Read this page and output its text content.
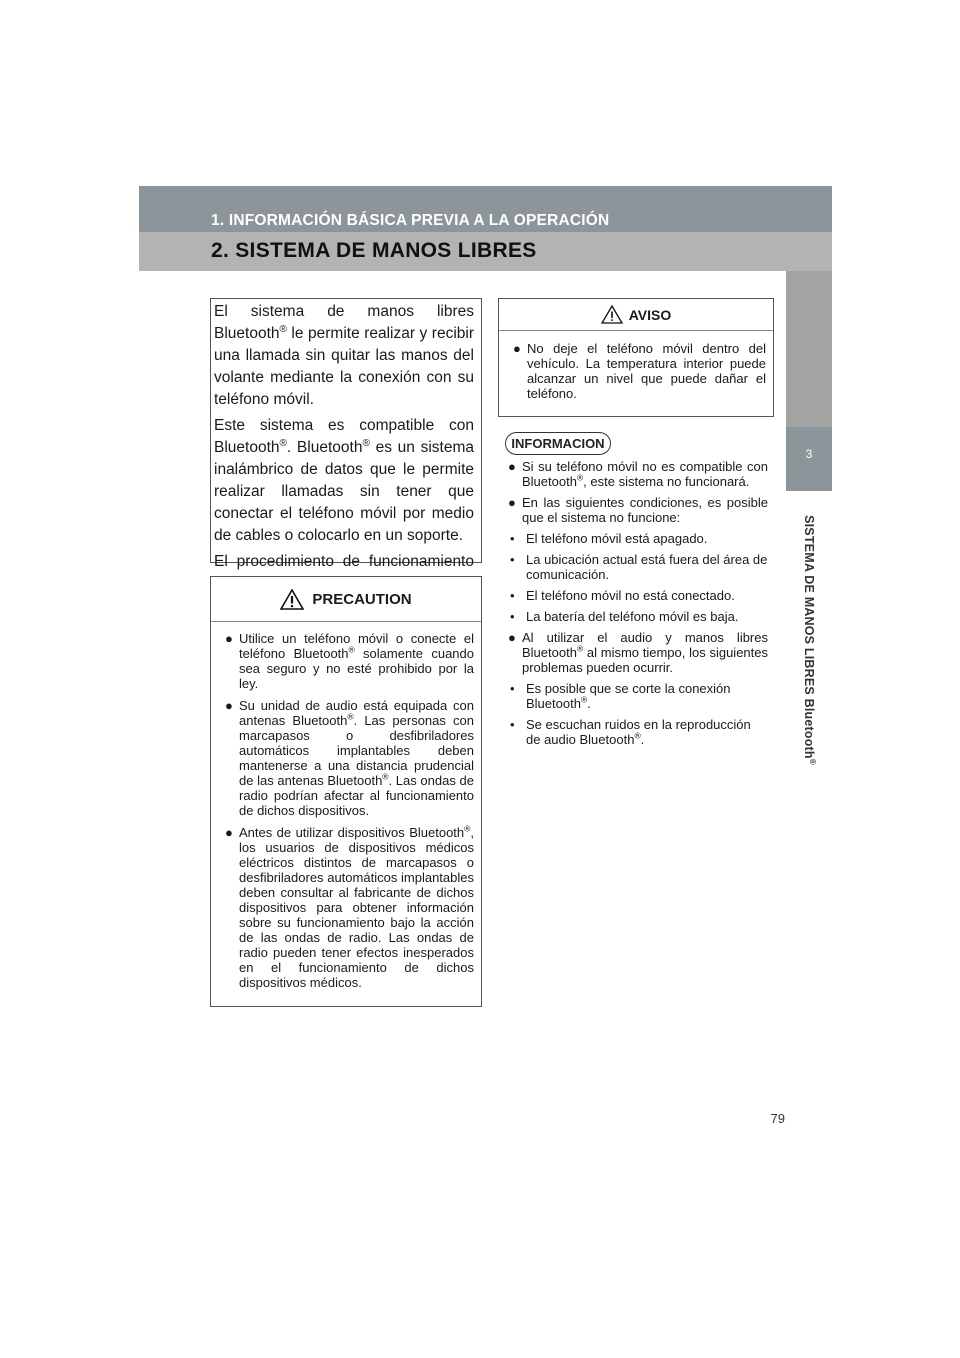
1. INFORMACIÓN BÁSICA PREVIA A LA OPERACIÓN
2. SISTEMA DE MANOS LIBRES
3
SISTEMA DE MANOS LIBRES Bluetooth®
El sistema de manos libres Bluetooth® le permite realizar y recibir una llamada sin quitar las manos del volante mediante la conexión con su teléfono móvil.
Este sistema es compatible con Bluetooth®. Bluetooth® es un sistema inalámbrico de datos que le permite realizar llamadas sin tener que conectar el teléfono móvil por medio de cables o colocarlo en un soporte.
El procedimiento de funcionamiento
PRECAUTION
● Utilice un teléfono móvil o conecte el teléfono Bluetooth® solamente cuando sea seguro y no esté prohibido por la ley.
● Su unidad de audio está equipada con antenas Bluetooth®. Las personas con marcapasos o desfibriladores automáticos implantables deben mantenerse a una distancia prudencial de las antenas Bluetooth®. Las ondas de radio podrían afectar al funcionamiento de dichos dispositivos.
● Antes de utilizar dispositivos Bluetooth®, los usuarios de dispositivos médicos eléctricos distintos de marcapasos o desfibriladores automáticos implantables deben consultar al fabricante de dichos dispositivos para obtener información sobre su funcionamiento bajo la acción de las ondas de radio. Las ondas de radio pueden tener efectos inesperados en el funcionamiento de dichos dispositivos médicos.
AVISO
● No deje el teléfono móvil dentro del vehículo. La temperatura interior puede alcanzar un nivel que puede dañar el teléfono.
INFORMACION
● Si su teléfono móvil no es compatible con Bluetooth®, este sistema no funcionará.
● En las siguientes condiciones, es posible que el sistema no funcione:
• El teléfono móvil está apagado.
• La ubicación actual está fuera del área de comunicación.
• El teléfono móvil no está conectado.
• La batería del teléfono móvil es baja.
● Al utilizar el audio y manos libres Bluetooth® al mismo tiempo, los siguientes problemas pueden ocurrir.
• Es posible que se corte la conexión Bluetooth®.
• Se escuchan ruidos en la reproducción de audio Bluetooth®.
79
